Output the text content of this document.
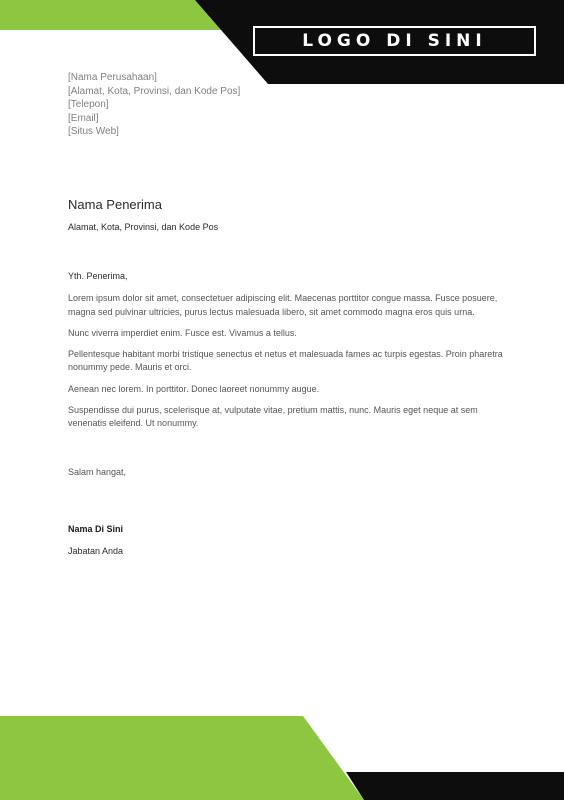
LOGO DI SINI
[Nama Perusahaan]
[Alamat, Kota, Provinsi, dan Kode Pos]
[Telepon]
[Email]
[Situs Web]
Nama Penerima
Alamat, Kota, Provinsi, dan Kode Pos

Yth. Penerima,

Lorem ipsum dolor sit amet, consectetuer adipiscing elit. Maecenas porttitor congue massa. Fusce posuere, magna sed pulvinar ultricies, purus lectus malesuada libero, sit amet commodo magna eros quis urna.

Nunc viverra imperdiet enim. Fusce est. Vivamus a tellus.

Pellentesque habitant morbi tristique senectus et netus et malesuada fames ac turpis egestas. Proin pharetra nonummy pede. Mauris et orci.

Aenean nec lorem. In porttitor. Donec laoreet nonummy augue.

Suspendisse dui purus, scelerisque at, vulputate vitae, pretium mattis, nunc. Mauris eget neque at sem venenatis eleifend. Ut nonummy.

Salam hangat,
Nama Di Sini
Jabatan Anda
